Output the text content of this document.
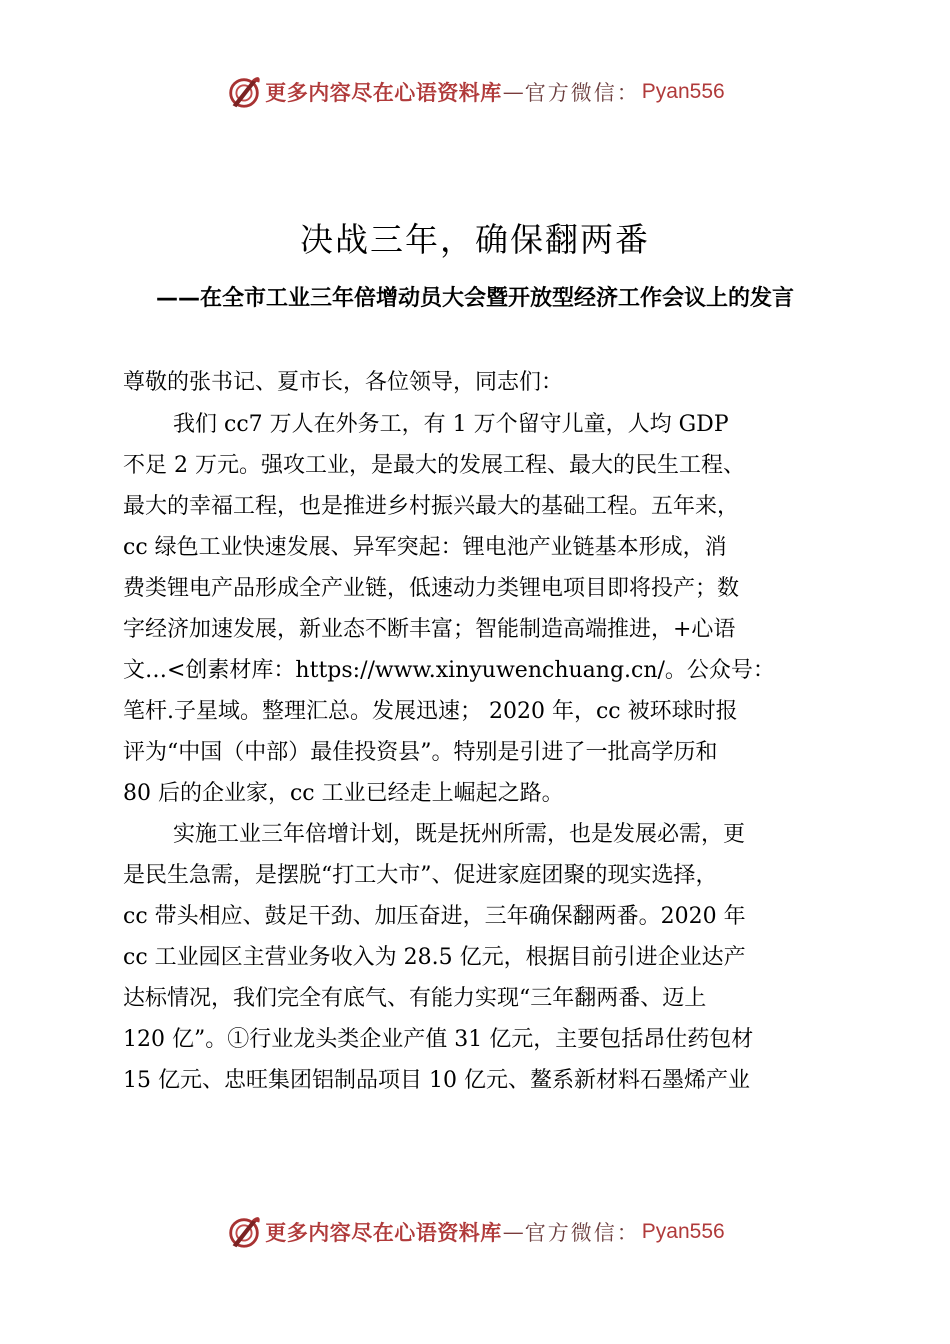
更多内容尽在心语资料库 — 官方微信： Pyan556
决战三年，确保翻两番
——在全市工业三年倍增动员大会暨开放型经济工作会议上的发言
尊敬的张书记、夏市长，各位领导，同志们：
我们 cc7 万人在外务工，有 1 万个留守儿童，人均 GDP
不足 2 万元。强攻工业，是最大的发展工程、最大的民生工程、
最大的幸福工程，也是推进乡村振兴最大的基础工程。五年来，
cc 绿色工业快速发展、异军突起：锂电池产业链基本形成，消
费类锂电产品形成全产业链，低速动力类锂电项目即将投产；数
字经济加速发展，新业态不断丰富；智能制造高端推进，+心语
文…<创素材库：https://www.xinyuwenchuang.cn/。公众号：
笔杆.子星域。整理汇总。发展迅速； 2020 年，cc 被环球时报
评为“中国（中部）最佳投资县”。特别是引进了一批高学历和
80 后的企业家，cc 工业已经走上崛起之路。
实施工业三年倍增计划，既是抚州所需，也是发展必需，更
是民生急需，是摆脱“打工大市”、促进家庭团聚的现实选择，
cc 带头相应、鼓足干劲、加压奋进，三年确保翻两番。2020 年
cc 工业园区主营业务收入为 28.5 亿元，根据目前引进企业达产
达标情况，我们完全有底气、有能力实现“三年翻两番、迈上
120 亿”。①行业龙头类企业产值 31 亿元，主要包括昂仕药包材
15 亿元、忠旺集团铝制品项目 10 亿元、鳌系新材料石墨烯产业
更多内容尽在心语资料库 — 官方微信： Pyan556
